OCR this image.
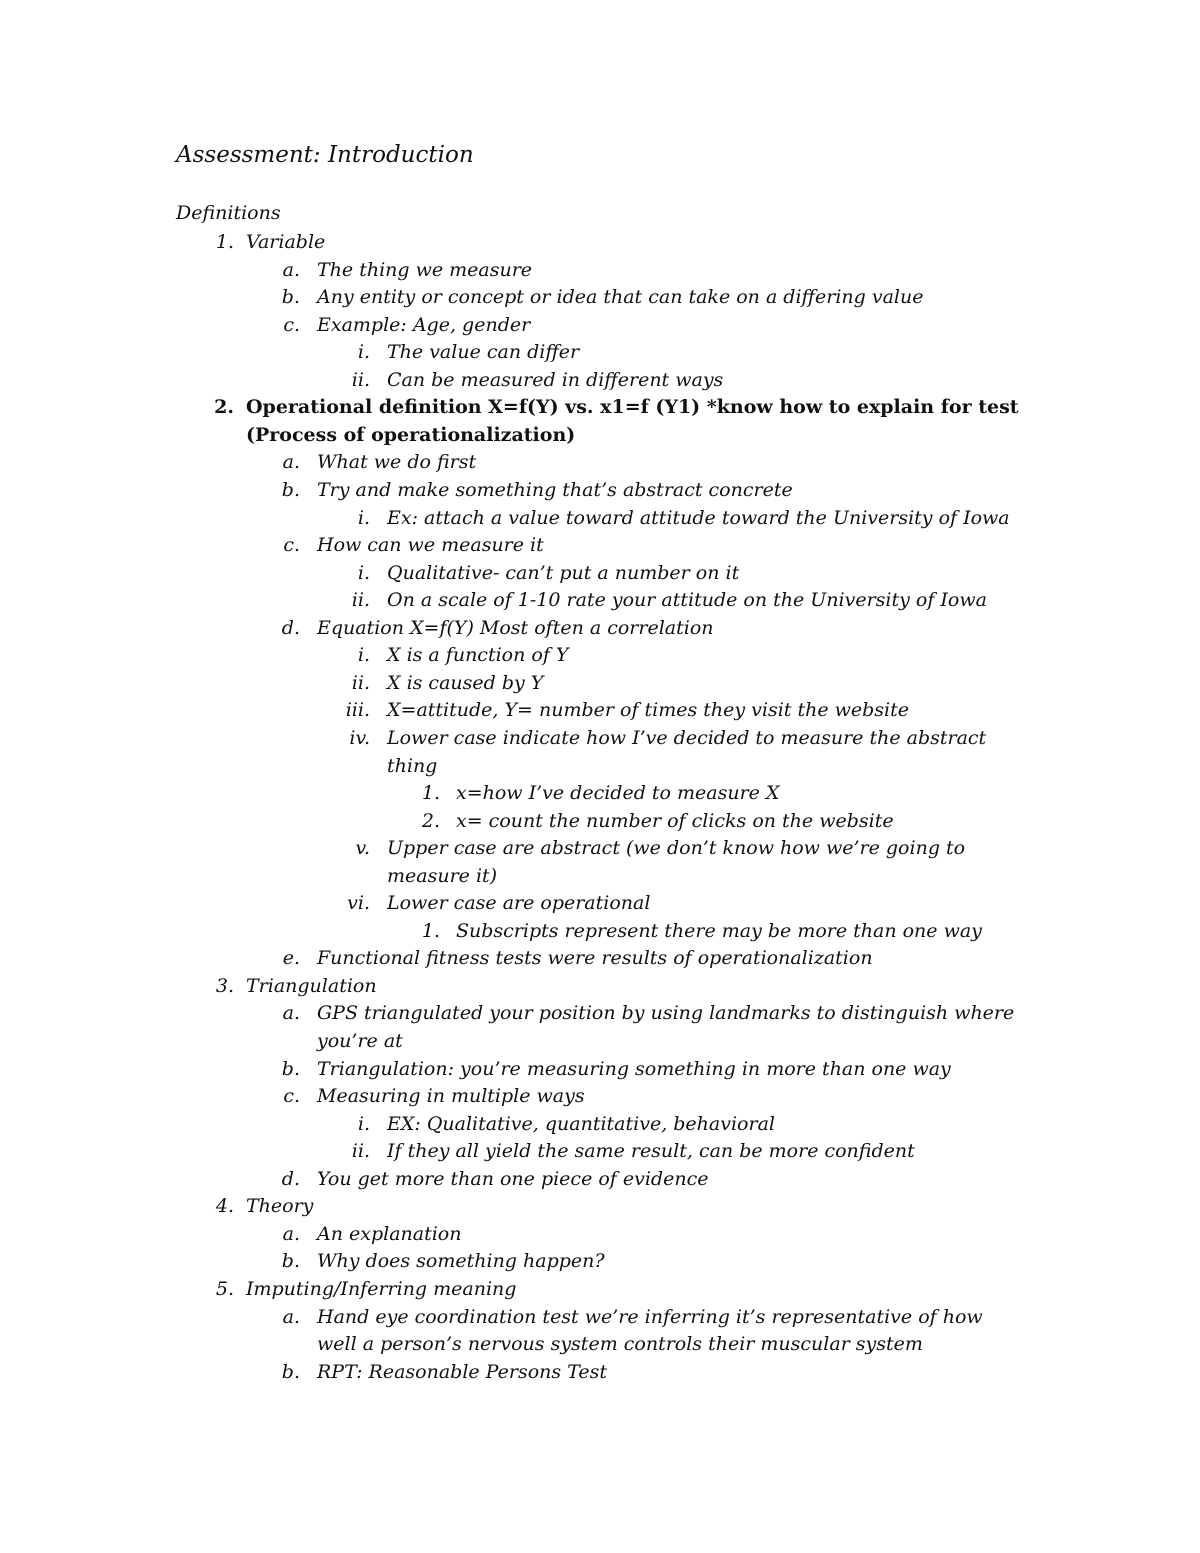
Assessment: Introduction
Definitions
1. Variable
a. The thing we measure
b. Any entity or concept or idea that can take on a differing value
c. Example: Age, gender
i. The value can differ
ii. Can be measured in different ways
2. Operational definition X=f(Y) vs. x1=f (Y1) *know how to explain for test
(Process of operationalization)
a. What we do first
b. Try and make something that’s abstract concrete
i. Ex: attach a value toward attitude toward the University of Iowa
c. How can we measure it
i. Qualitative- can’t put a number on it
ii. On a scale of 1-10 rate your attitude on the University of Iowa
d. Equation X=f(Y) Most often a correlation
i. X is a function of Y
ii. X is caused by Y
iii. X=attitude, Y= number of times they visit the website
iv. Lower case indicate how I’ve decided to measure the abstract
thing
1. x=how I’ve decided to measure X
2. x= count the number of clicks on the website
v. Upper case are abstract (we don’t know how we’re going to
measure it)
vi. Lower case are operational
1. Subscripts represent there may be more than one way
e. Functional fitness tests were results of operationalization
3. Triangulation
a. GPS triangulated your position by using landmarks to distinguish where
you’re at
b. Triangulation: you’re measuring something in more than one way
c. Measuring in multiple ways
i. EX: Qualitative, quantitative, behavioral
ii. If they all yield the same result, can be more confident
d. You get more than one piece of evidence
4. Theory
a. An explanation
b. Why does something happen?
5. Imputing/Inferring meaning
a. Hand eye coordination test we’re inferring it’s representative of how
well a person’s nervous system controls their muscular system
b. RPT: Reasonable Persons Test
